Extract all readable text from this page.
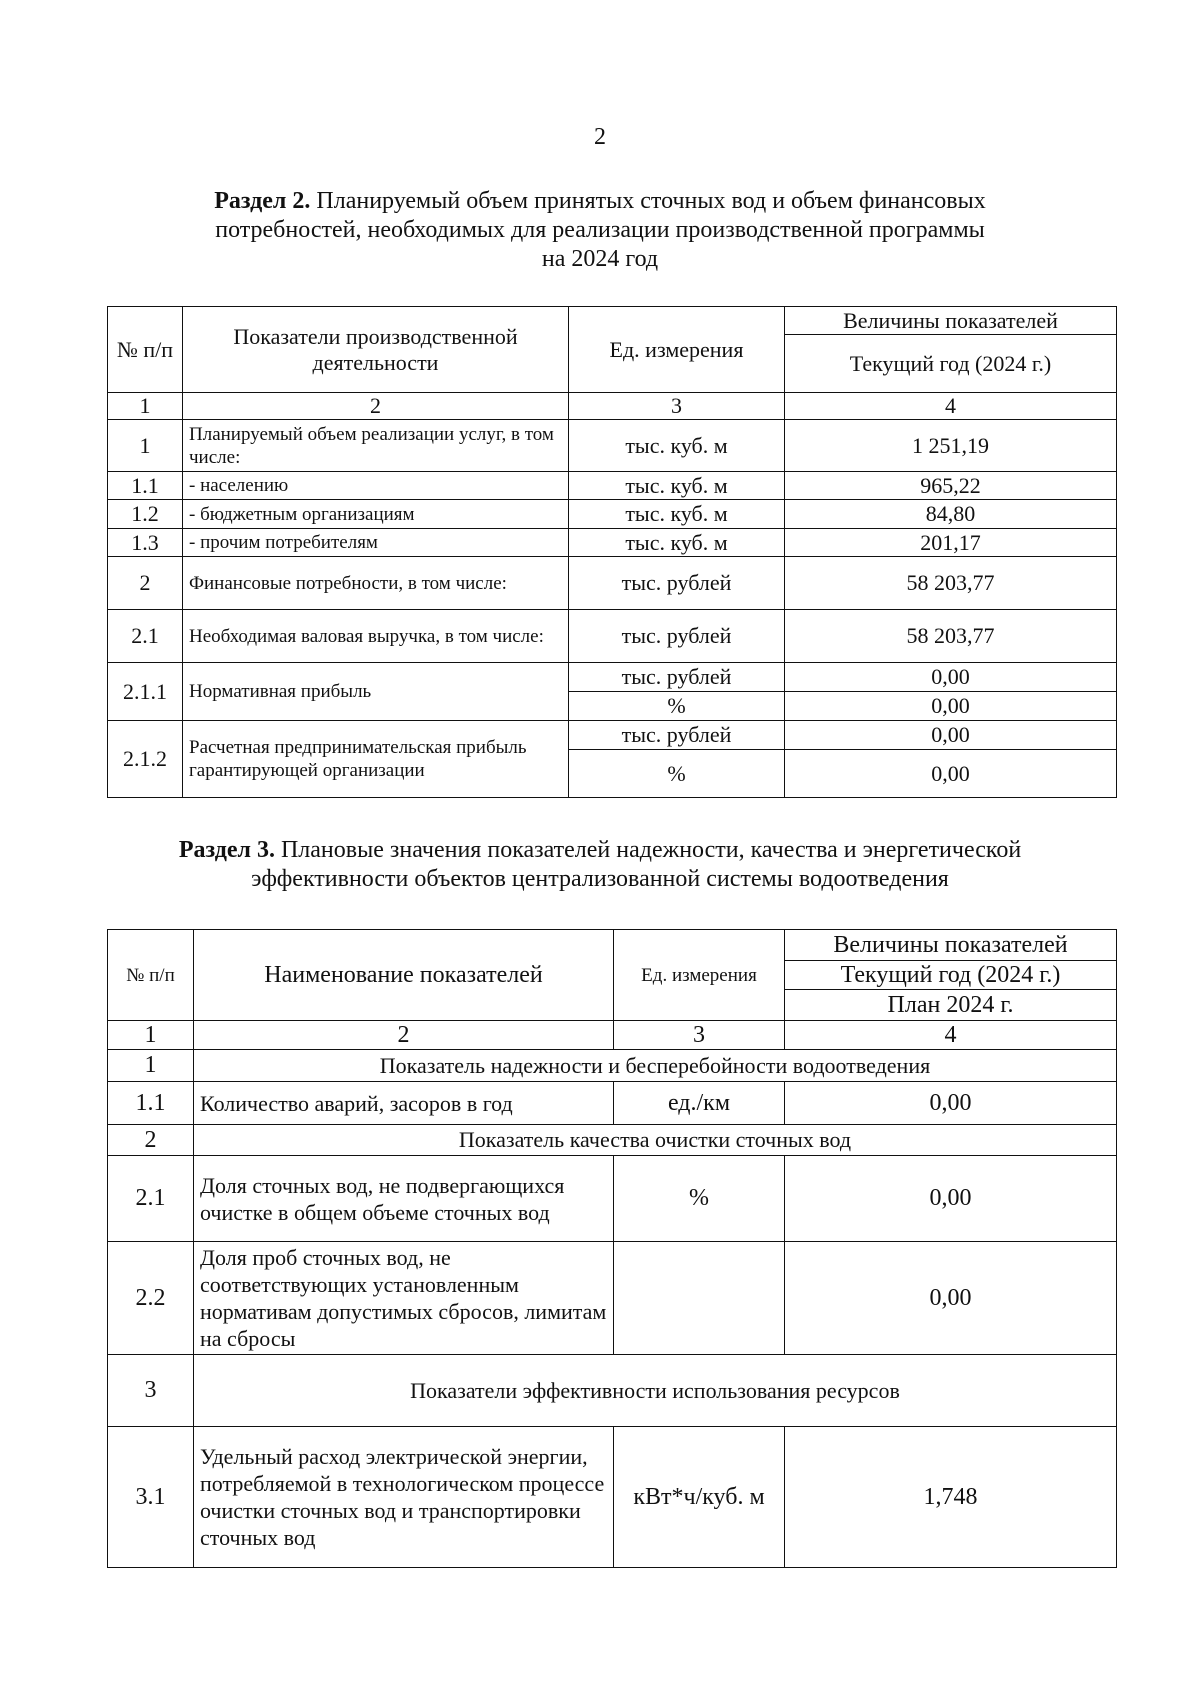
2
Раздел 2. Планируемый объем принятых сточных вод и объем финансовых
потребностей, необходимых для реализации производственной программы
на 2024 год
№ п/п	Показатели производственной деятельности	Ед. измерения	Величины показателей
			Текущий год (2024 г.)
1	2	3	4
1	Планируемый объем реализации услуг, в том числе:	тыс. куб. м	1 251,19
1.1	- населению	тыс. куб. м	965,22
1.2	- бюджетным организациям	тыс. куб. м	84,80
1.3	- прочим потребителям	тыс. куб. м	201,17
2	Финансовые потребности, в том числе:	тыс. рублей	58 203,77
2.1	Необходимая валовая выручка, в том числе:	тыс. рублей	58 203,77
2.1.1	Нормативная прибыль	тыс. рублей	0,00
		%	0,00
2.1.2	Расчетная предпринимательская прибыль гарантирующей организации	тыс. рублей	0,00
		%	0,00
Раздел 3. Плановые значения показателей надежности, качества и энергетической
эффективности объектов централизованной системы водоотведения
№ п/п	Наименование показателей	Ед. измерения	Величины показателей
			Текущий год (2024 г.)
			План 2024 г.
1	2	3	4
1	Показатель надежности и бесперебойности водоотведения		
1.1	Количество аварий, засоров в год	ед./км	0,00
2	Показатель качества очистки сточных вод		
2.1	Доля сточных вод, не подвергающихся очистке в общем объеме сточных вод	%	0,00
2.2	Доля проб сточных вод, не соответствующих установленным нормативам допустимых сбросов, лимитам на сбросы		0,00
3	Показатели эффективности использования ресурсов		
3.1	Удельный расход электрической энергии, потребляемой в технологическом процессе очистки сточных вод и транспортировки сточных вод	кВт*ч/куб. м	1,748
